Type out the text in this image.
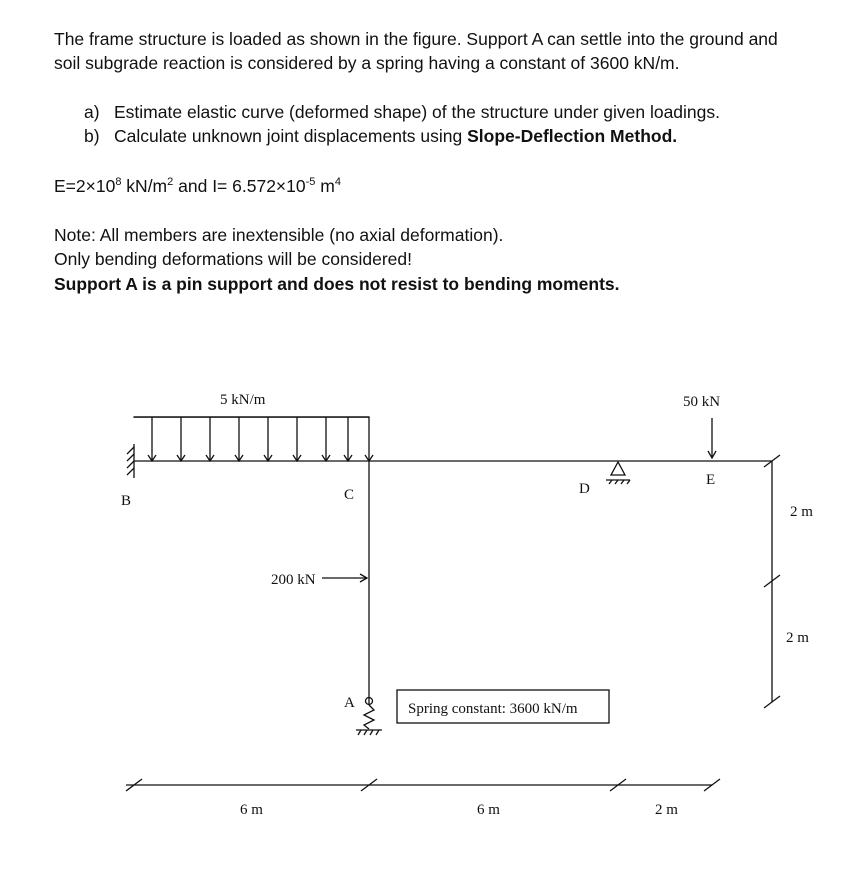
The frame structure is loaded as shown in the figure. Support A can settle into the ground and
soil subgrade reaction is considered by a spring having a constant of 3600 kN/m.
a) Estimate elastic curve (deformed shape) of the structure under given loadings.
b) Calculate unknown joint displacements using Slope-Deflection Method.
$E=2\times 10^8$ $kN/m^2$ and $I= 6.572\times 10^{-5}$ $m^4$
Note: All members are inextensible (no axial deformation).
Only bending deformations will be considered!
Support A is a pin support and does not resist to bending moments.
5 kN/m	50 kN
200 kN
Spring constant: 3600 kN/m
B	C	D
E
A
6 m	6 m	2 m
2 m
2 m
